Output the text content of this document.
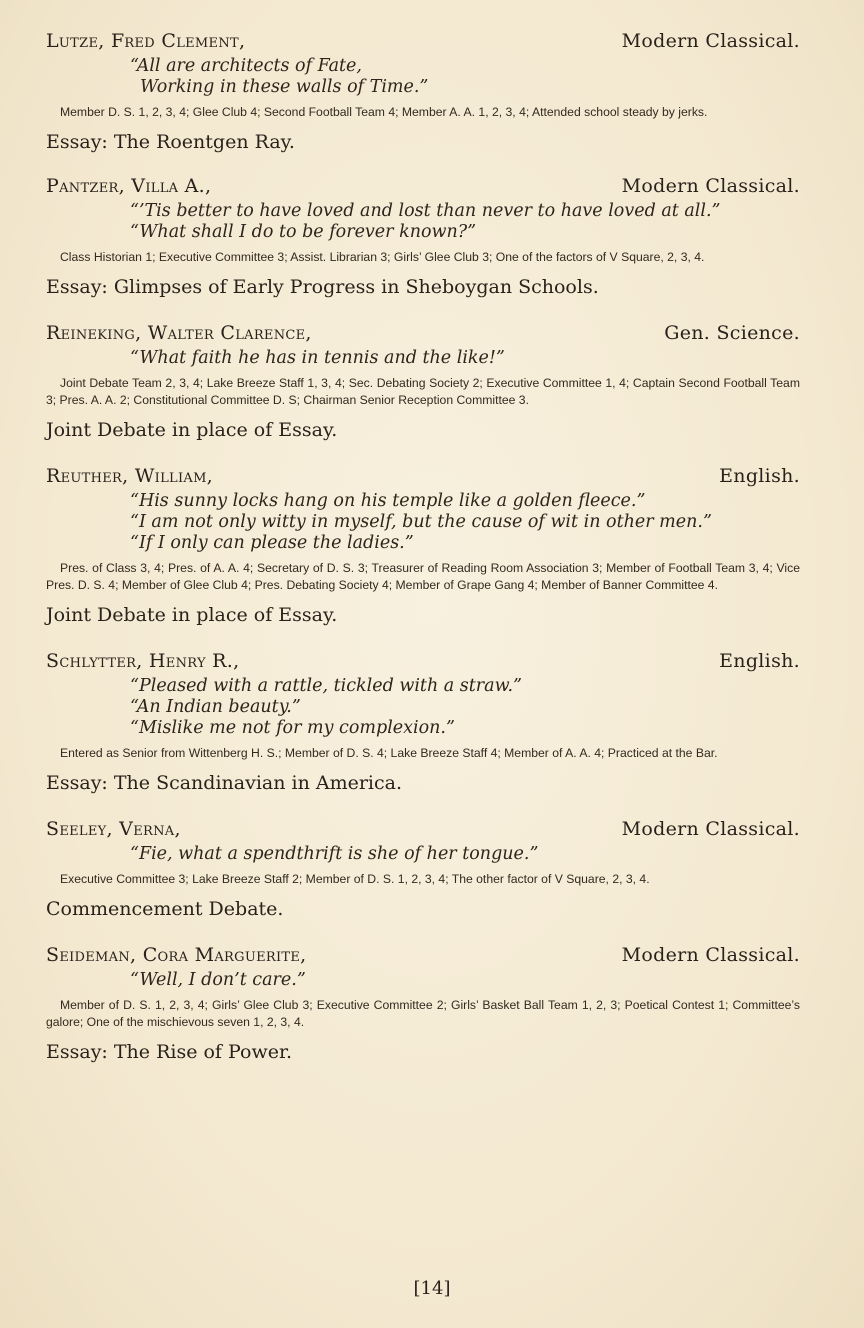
Lutze, Fred Clement,	Modern Classical.
“All are architects of Fate,
Working in these walls of Time.”
Member D. S. 1, 2, 3, 4; Glee Club 4; Second Football Team 4; Member A. A. 1, 2, 3, 4; Attended school steady by jerks.
Essay: The Roentgen Ray.
Pantzer, Villa A.,	Modern Classical.
“’Tis better to have loved and lost than never to have loved at all.”
“What shall I do to be forever known?”
Class Historian 1; Executive Committee 3; Assist. Librarian 3; Girls’ Glee Club 3; One of the factors of V Square, 2, 3, 4.
Essay: Glimpses of Early Progress in Sheboygan Schools.
Reineking, Walter Clarence,	Gen. Science.
“What faith he has in tennis and the like!”
Joint Debate Team 2, 3, 4; Lake Breeze Staff 1, 3, 4; Sec. Debating Society 2; Executive Committee 1, 4; Captain Second Football Team 3; Pres. A. A. 2; Constitutional Committee D. S; Chairman Senior Reception Committee 3.
Joint Debate in place of Essay.
Reuther, William,	English.
“His sunny locks hang on his temple like a golden fleece.”
“I am not only witty in myself, but the cause of wit in other men.”
“If I only can please the ladies.”
Pres. of Class 3, 4; Pres. of A. A. 4; Secretary of D. S. 3; Treasurer of Reading Room Association 3; Member of Football Team 3, 4; Vice Pres. D. S. 4; Member of Glee Club 4; Pres. Debating Society 4; Member of Grape Gang 4; Member of Banner Committee 4.
Joint Debate in place of Essay.
Schlytter, Henry R.,	English.
“Pleased with a rattle, tickled with a straw.”
“An Indian beauty.”
“Mislike me not for my complexion.”
Entered as Senior from Wittenberg H. S.; Member of D. S. 4; Lake Breeze Staff 4; Member of A. A. 4; Practiced at the Bar.
Essay: The Scandinavian in America.
Seeley, Verna,	Modern Classical.
“Fie, what a spendthrift is she of her tongue.”
Executive Committee 3; Lake Breeze Staff 2; Member of D. S. 1, 2, 3, 4; The other factor of V Square, 2, 3, 4.
Commencement Debate.
Seideman, Cora Marguerite,	Modern Classical.
“Well, I don’t care.”
Member of D. S. 1, 2, 3, 4; Girls’ Glee Club 3; Executive Committee 2; Girls’ Basket Ball Team 1, 2, 3; Poetical Contest 1; Committee’s galore; One of the mischievous seven 1, 2, 3, 4.
Essay: The Rise of Power.
[14]
